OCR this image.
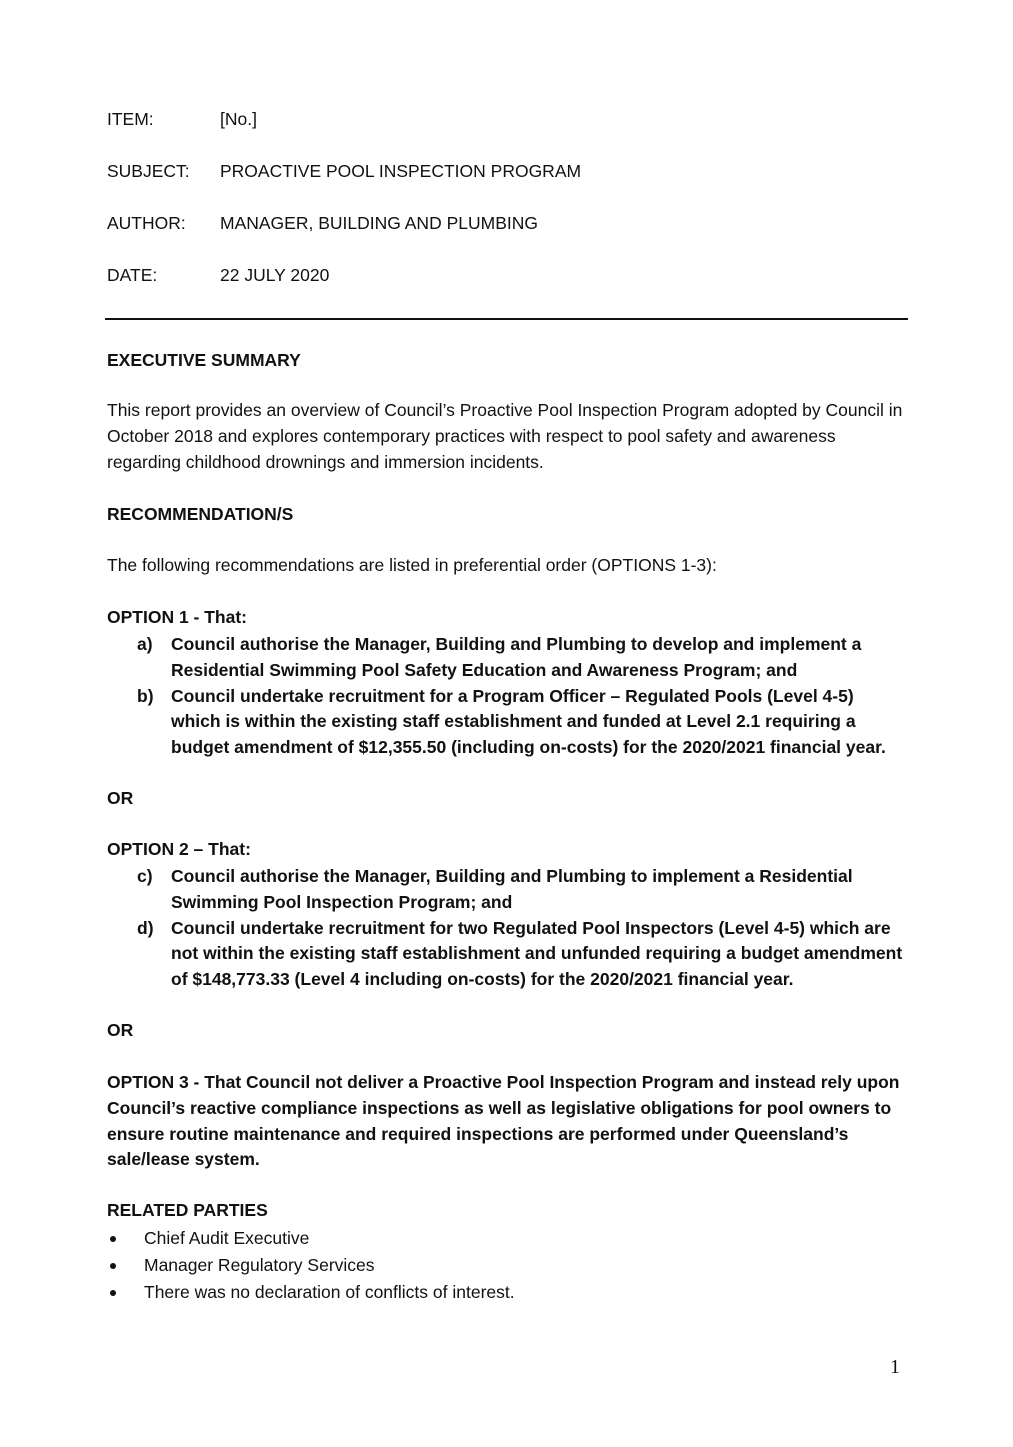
ITEM:	[No.]
SUBJECT: PROACTIVE POOL INSPECTION PROGRAM
AUTHOR: MANAGER, BUILDING AND PLUMBING
DATE:	22 JULY 2020
EXECUTIVE SUMMARY
This report provides an overview of Council’s Proactive Pool Inspection Program adopted by Council in October 2018 and explores contemporary practices with respect to pool safety and awareness regarding childhood drownings and immersion incidents.
RECOMMENDATION/S
The following recommendations are listed in preferential order (OPTIONS 1-3):
OPTION 1 - That:
a) Council authorise the Manager, Building and Plumbing to develop and implement a Residential Swimming Pool Safety Education and Awareness Program; and
b) Council undertake recruitment for a Program Officer – Regulated Pools (Level 4-5) which is within the existing staff establishment and funded at Level 2.1 requiring a budget amendment of $12,355.50 (including on-costs) for the 2020/2021 financial year.
OR
OPTION 2 – That:
c) Council authorise the Manager, Building and Plumbing to implement a Residential Swimming Pool Inspection Program; and
d) Council undertake recruitment for two Regulated Pool Inspectors (Level 4-5) which are not within the existing staff establishment and unfunded requiring a budget amendment of $148,773.33 (Level 4 including on-costs) for the 2020/2021 financial year.
OR
OPTION 3 - That Council not deliver a Proactive Pool Inspection Program and instead rely upon Council’s reactive compliance inspections as well as legislative obligations for pool owners to ensure routine maintenance and required inspections are performed under Queensland’s sale/lease system.
RELATED PARTIES
Chief Audit Executive
Manager Regulatory Services
There was no declaration of conflicts of interest.
1
